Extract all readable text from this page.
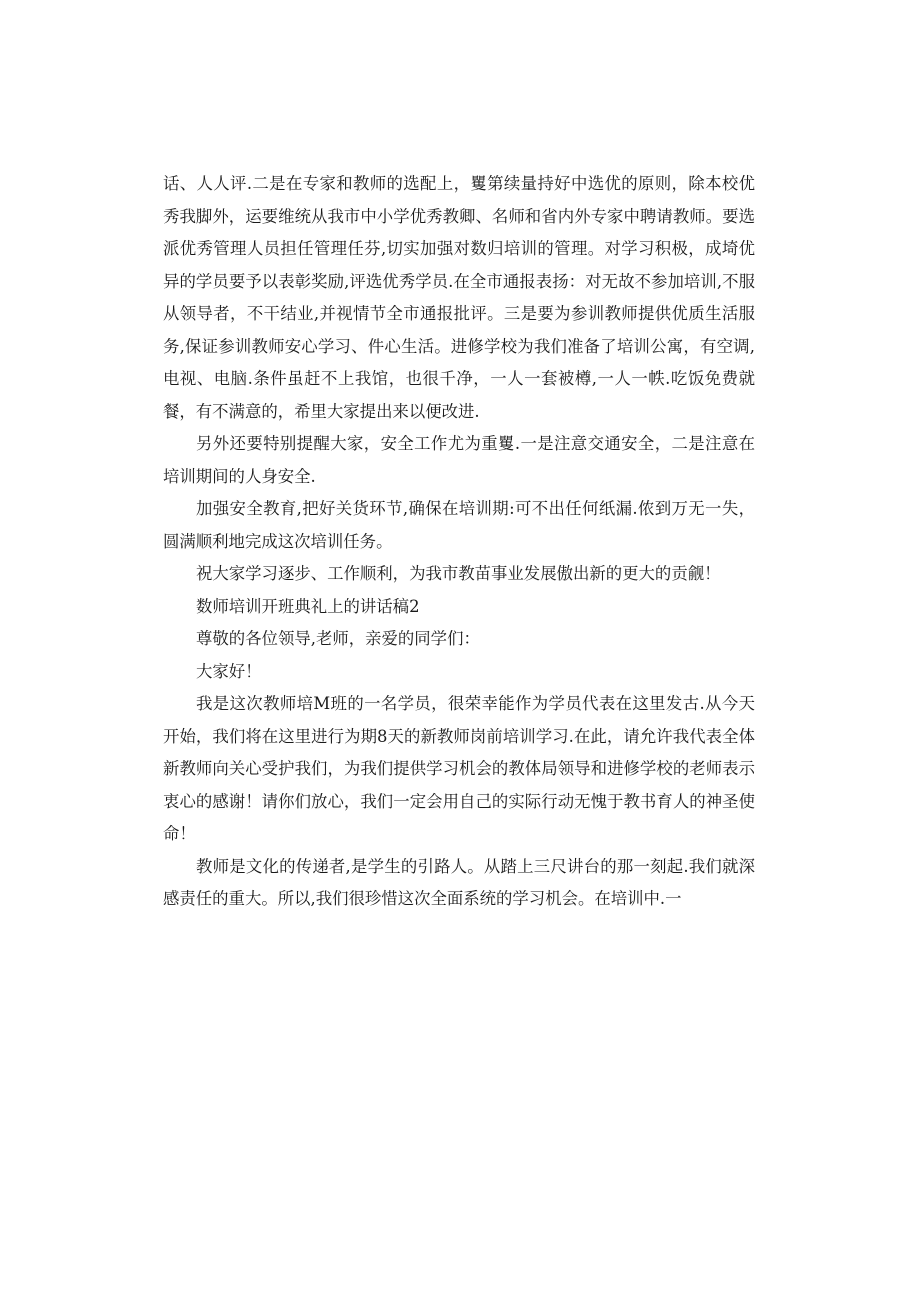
话、人人评.二是在专家和教师的选配上，矍第续量持好中选优的原则，除本校优秀我脚外，运要维统从我市中小学优秀教卿、名师和省内外专家中聘请教师。要选派优秀管理人员担任管理任芬,切实加强对数归培训的管理。对学习积极，成埼优异的学员要予以表彰奖励,评选优秀学员.在全市通报表扬：对无故不参加培训,不服从领导者，不干结业,并视情节全市通报批评。三是要为参训教师提供优质生活服务,保证参训教师安心学习、件心生活。进修学校为我们准备了培训公寓，有空调,电视、电脑.条件虽赶不上我馆，也很千净，一人一套被樽,一人一帙.吃饭免费就餐，有不满意的，希里大家提出来以便改进.

另外还要特别提醒大家，安全工作尤为重矍.一是注意交通安全，二是注意在培训期间的人身安全.

加强安全教育,把好关货环节,确保在培训期:可不出任何纸漏.侬到万无一失，圆满顺利地完成这次培训任务。

祝大家学习逐步、工作顺利，为我市教苗事业发展傲出新的更大的贡觎！

数师培训开班典礼上的讲话稿2

尊敬的各位领导,老师，亲爱的同学们：

大家好！

我是这次教师培M班的一名学员，很荣幸能作为学员代表在这里发古.从今天开始，我们将在这里进行为期8天的新教师岗前培训学习.在此，请允许我代表全体新教师向关心受护我们，为我们提供学习机会的教体局领导和进修学校的老师表示衷心的感谢！请你们放心，我们一定会用自己的实际行动无愧于教书育人的神圣使命！

教师是文化的传递者,是学生的引路人。从踏上三尺讲台的那一刻起.我们就深感责任的重大。所以,我们很珍惜这次全面系统的学习机会。在培训中.一
